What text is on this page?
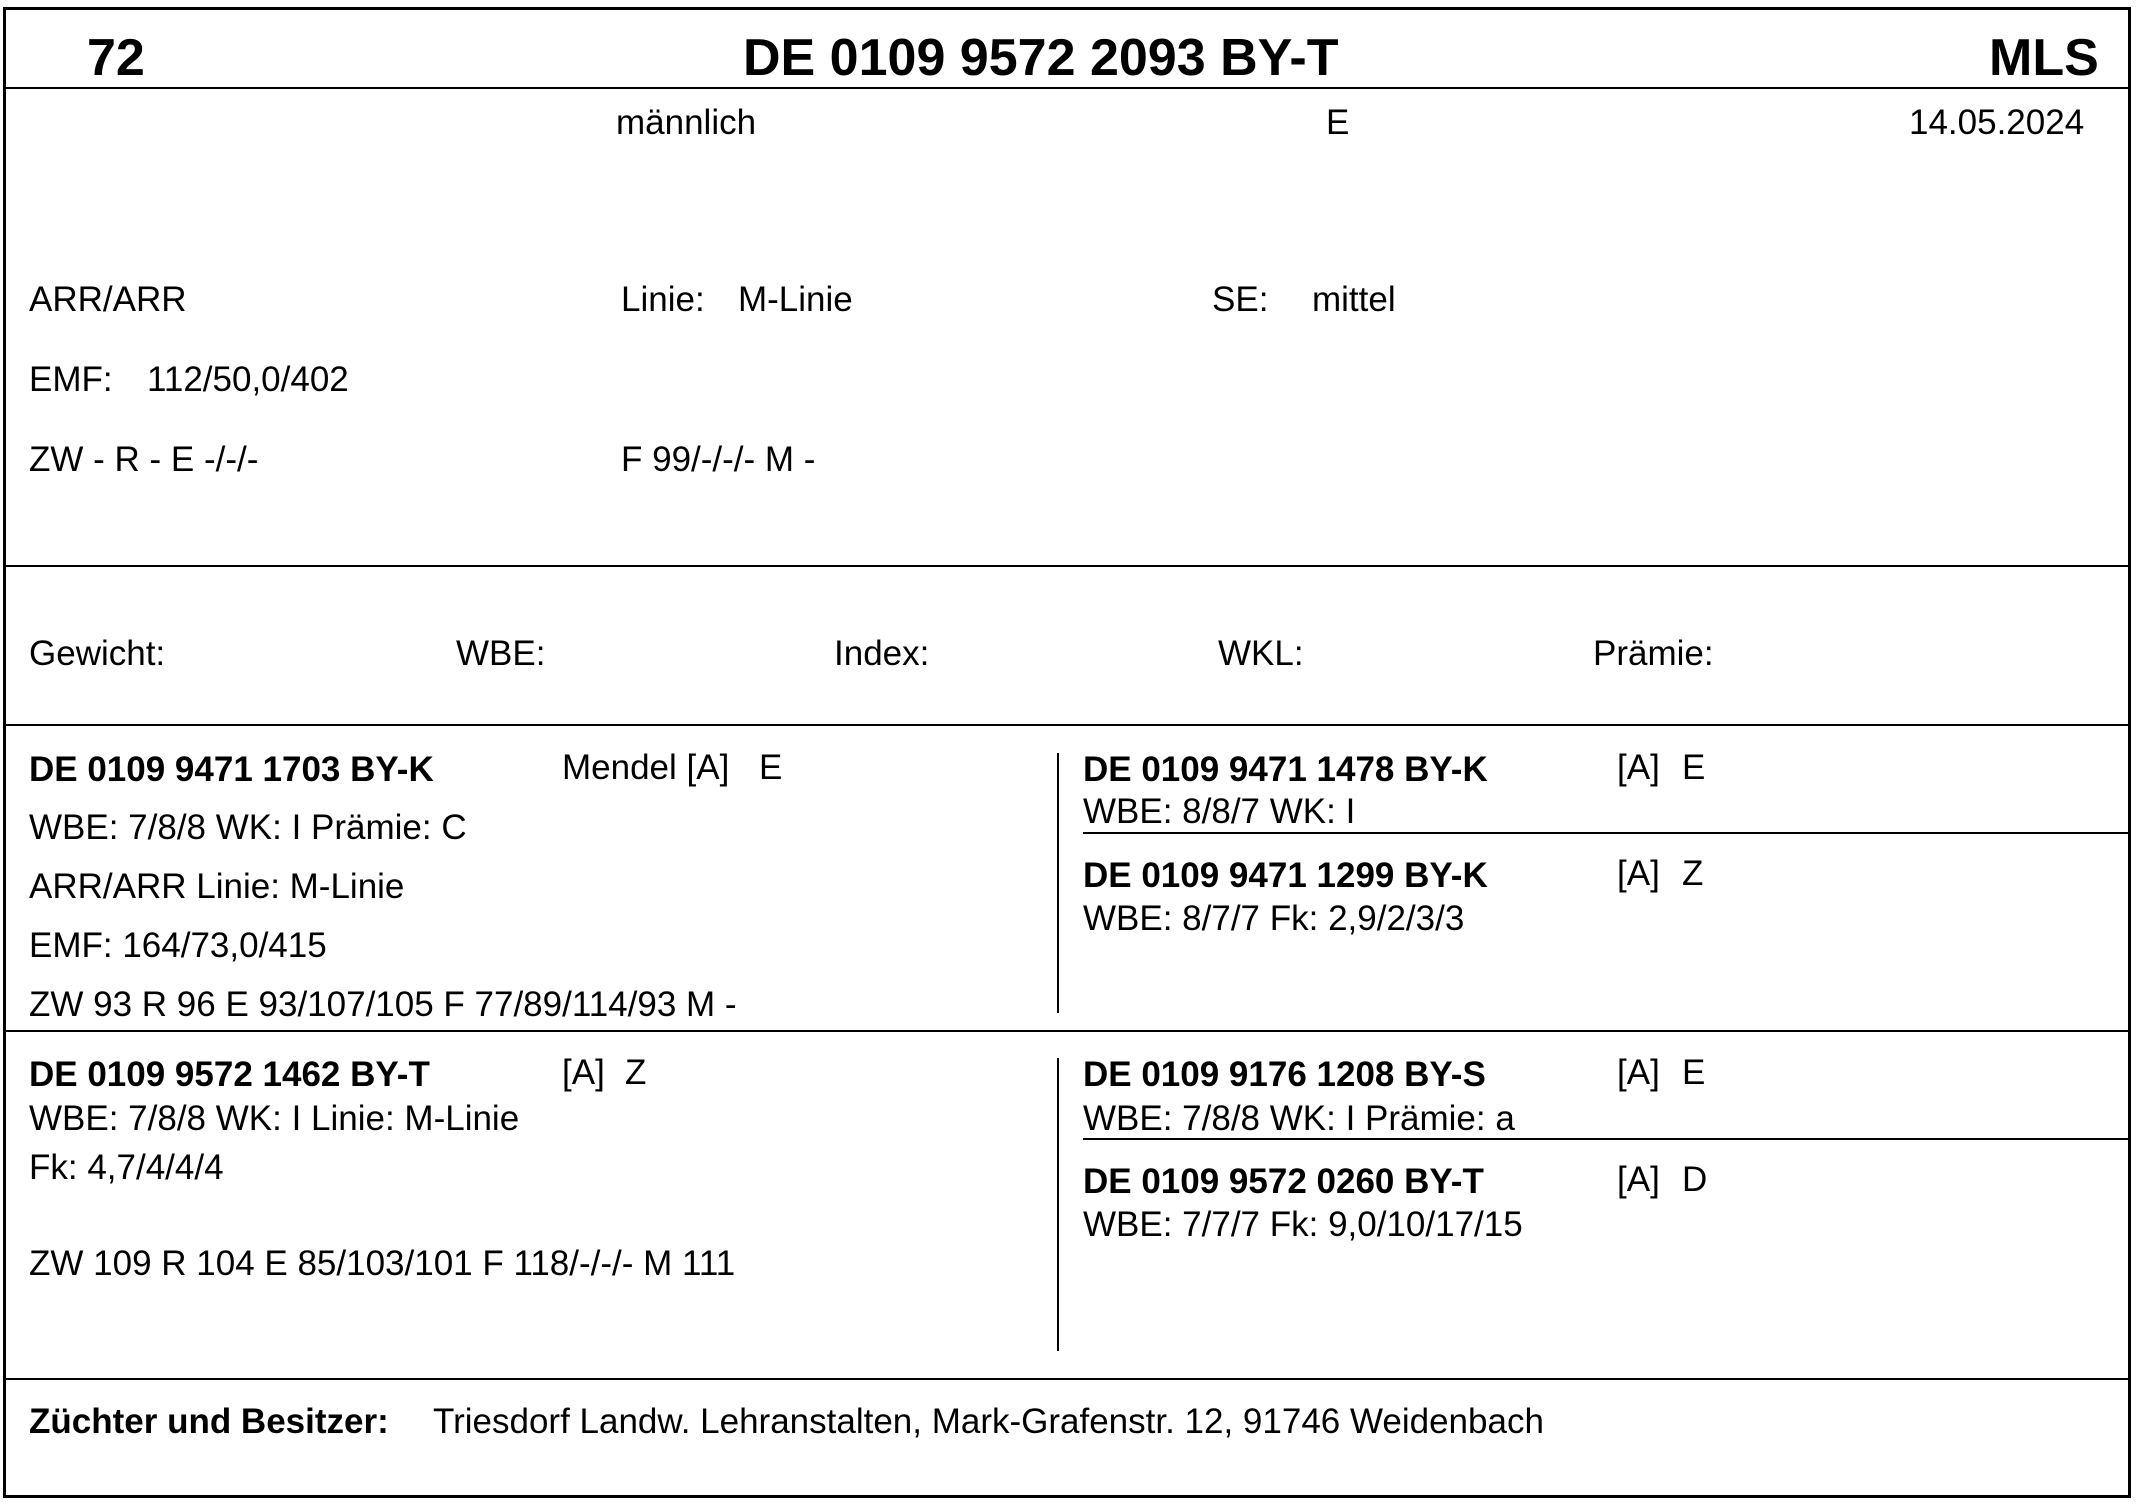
72	DE 0109 9572 2093 BY-T	MLS
männlich	E	14.05.2024
ARR/ARR	Linie: M-Linie	SE: mittel
EMF: 112/50,0/402
ZW - R - E -/-/-	F 99/-/-/- M -
Gewicht:	WBE:	Index:	WKL:	Prämie:
DE 0109 9471 1703 BY-K	Mendel [A] E
WBE: 7/8/8 WK: I Prämie: C
ARR/ARR Linie: M-Linie
EMF: 164/73,0/415
ZW 93 R 96 E 93/107/105 F 77/89/114/93 M -
DE 0109 9471 1478 BY-K	[A] E
WBE: 8/8/7 WK: I
DE 0109 9471 1299 BY-K	[A] Z
WBE: 8/7/7 Fk: 2,9/2/3/3
DE 0109 9572 1462 BY-T	[A] Z
WBE: 7/8/8 WK: I Linie: M-Linie
Fk: 4,7/4/4/4
ZW 109 R 104 E 85/103/101 F 118/-/-/- M 111
DE 0109 9176 1208 BY-S	[A] E
WBE: 7/8/8 WK: I Prämie: a
DE 0109 9572 0260 BY-T	[A] D
WBE: 7/7/7 Fk: 9,0/10/17/15
Züchter und Besitzer: Triesdorf Landw. Lehranstalten, Mark-Grafenstr. 12, 91746 Weidenbach
